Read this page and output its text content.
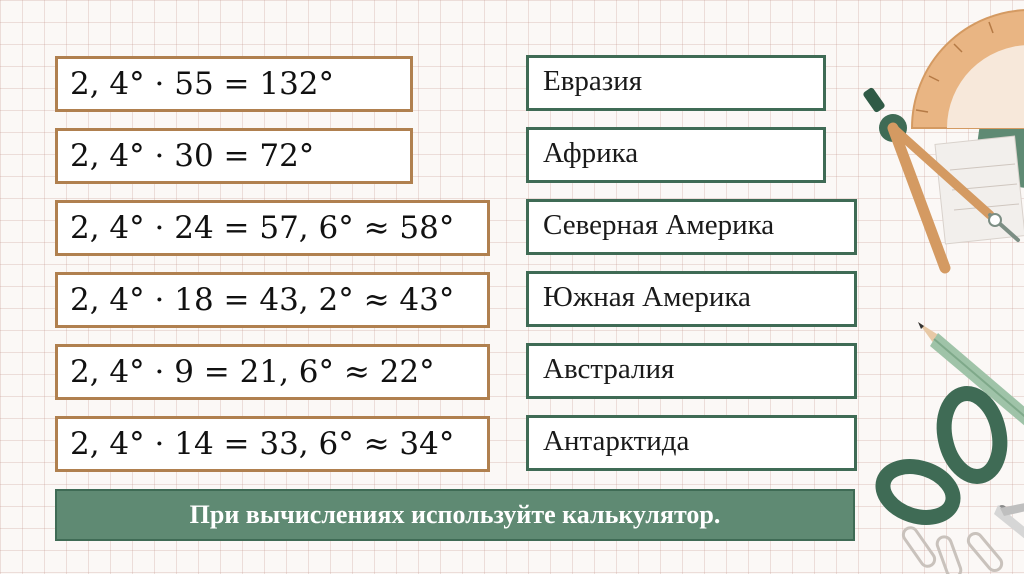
2, 4° · 55 = 132°
2, 4° · 30 = 72°
2, 4° · 24 = 57, 6° ≈ 58°
2, 4° · 18 = 43, 2° ≈ 43°
2, 4° · 9 = 21, 6° ≈ 22°
2, 4° · 14 = 33, 6° ≈ 34°
Евразия
Африка
Северная Америка
Южная Америка
Австралия
Антарктида
При вычислениях используйте калькулятор.
